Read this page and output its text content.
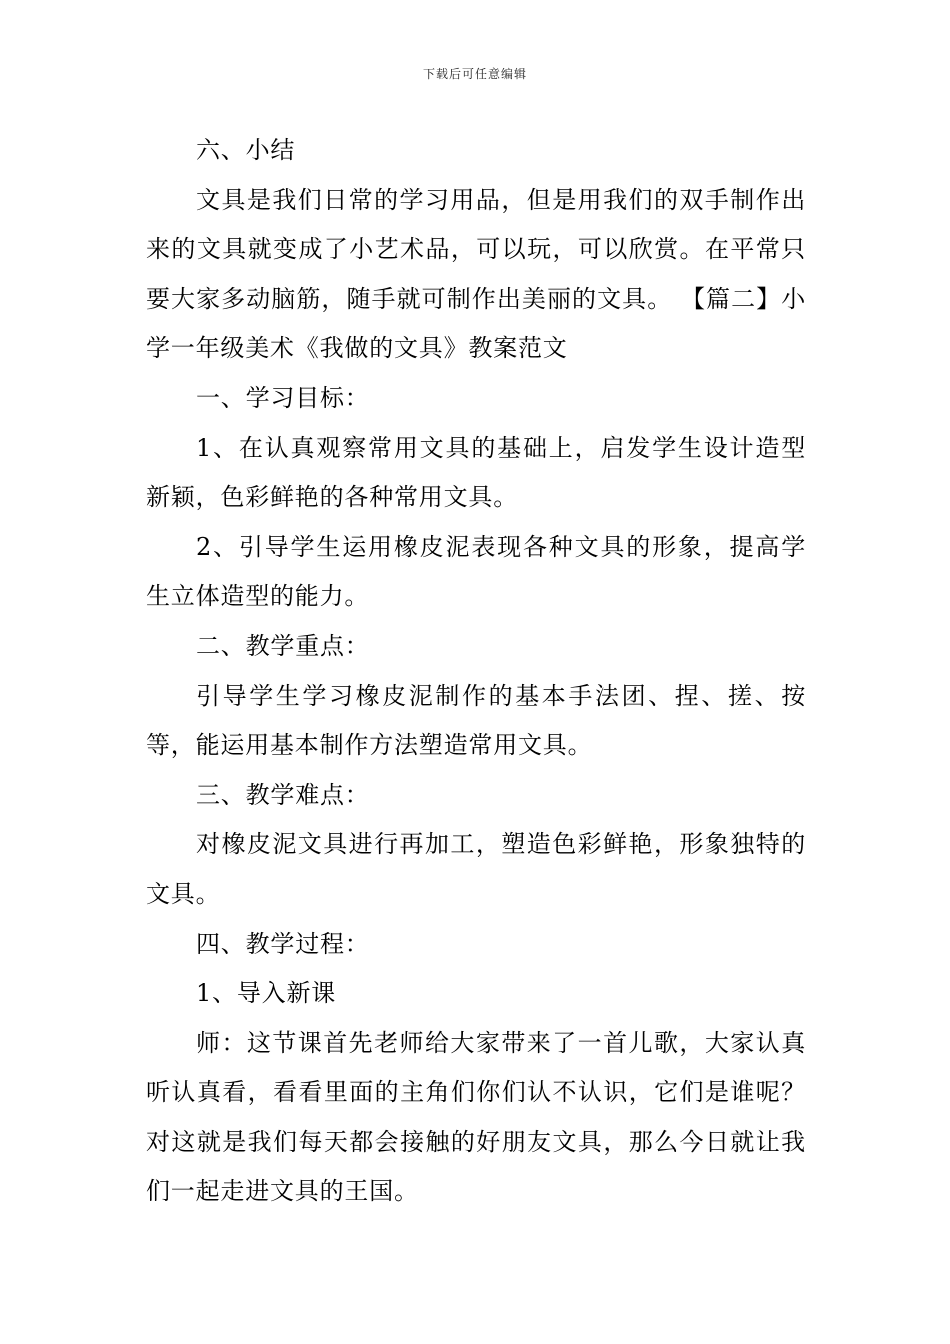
下载后可任意编辑

六、小结

文具是我们日常的学习用品，但是用我们的双手制作出来的文具就变成了小艺术品，可以玩，可以欣赏。在平常只要大家多动脑筋，随手就可制作出美丽的文具。 【篇二】小学一年级美术《我做的文具》教案范文

一、学习目标：

1、在认真观察常用文具的基础上，启发学生设计造型新颖，色彩鲜艳的各种常用文具。

2、引导学生运用橡皮泥表现各种文具的形象，提高学生立体造型的能力。

二、教学重点：

引导学生学习橡皮泥制作的基本手法团、捏、搓、按等，能运用基本制作方法塑造常用文具。

三、教学难点：

对橡皮泥文具进行再加工，塑造色彩鲜艳，形象独特的文具。

四、教学过程：

1、导入新课

师：这节课首先老师给大家带来了一首儿歌，大家认真听认真看，看看里面的主角们你们认不认识，它们是谁呢？对这就是我们每天都会接触的好朋友文具，那么今日就让我们一起走进文具的王国。
